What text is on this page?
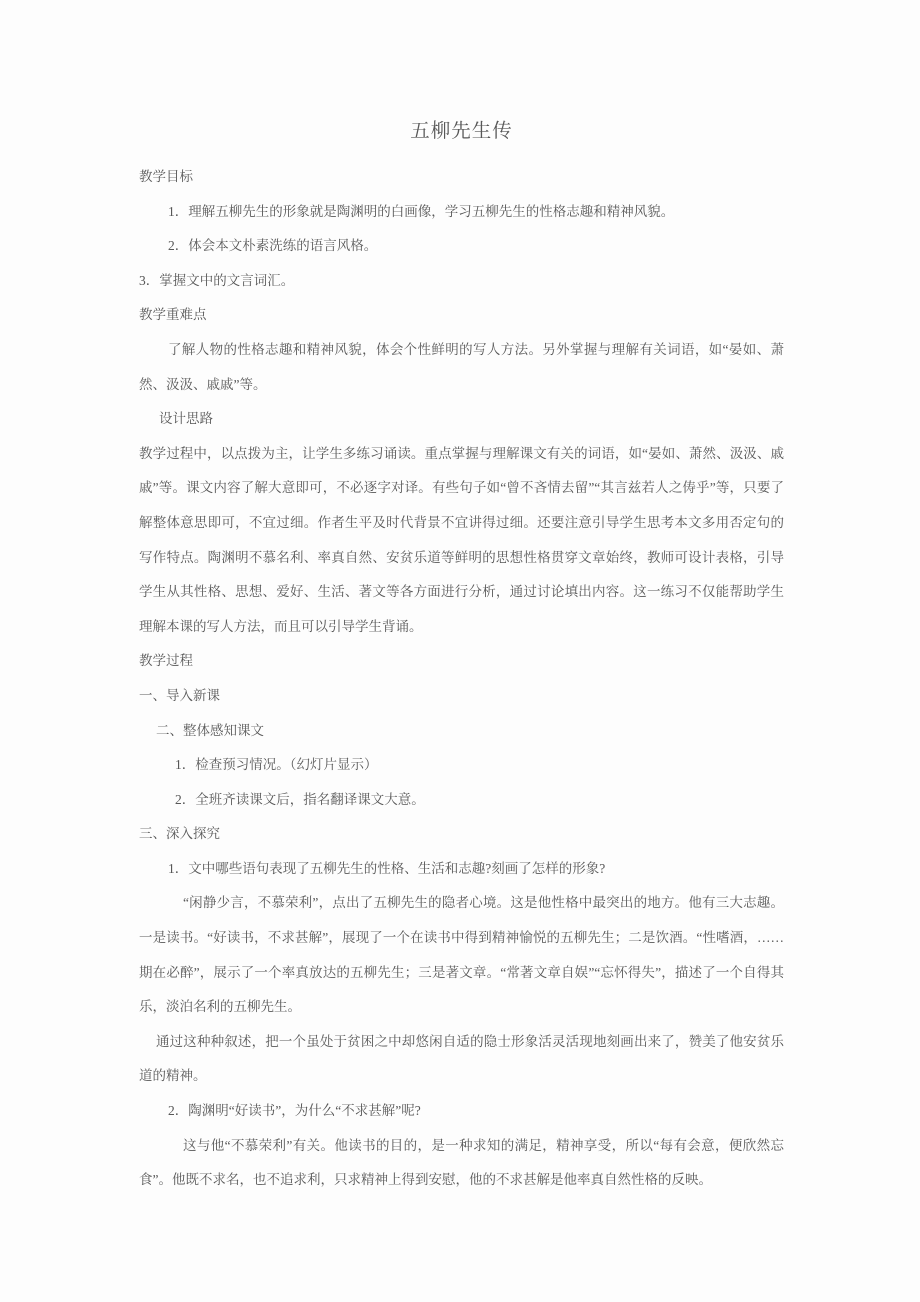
五柳先生传

教学目标

1．理解五柳先生的形象就是陶渊明的白画像，学习五柳先生的性格志趣和精神风貌。

2．体会本文朴素洗练的语言风格。

3．掌握文中的文言词汇。

教学重难点

了解人物的性格志趣和精神风貌，体会个性鲜明的写人方法。另外掌握与理解有关词语，如“晏如、萧然、汲汲、戚戚”等。

设计思路

教学过程中，以点拨为主，让学生多练习诵读。重点掌握与理解课文有关的词语，如“晏如、萧然、汲汲、戚戚”等。课文内容了解大意即可，不必逐字对译。有些句子如“曾不吝情去留”“其言兹若人之俦乎”等，只要了解整体意思即可，不宜过细。作者生平及时代背景不宜讲得过细。还要注意引导学生思考本文多用否定句的写作特点。陶渊明不慕名利、率真自然、安贫乐道等鲜明的思想性格贯穿文章始终，教师可设计表格，引导学生从其性格、思想、爱好、生活、著文等各方面进行分析，通过讨论填出内容。这一练习不仅能帮助学生理解本课的写人方法，而且可以引导学生背诵。

教学过程

一、导入新课

二、整体感知课文

1．检查预习情况。（幻灯片显示）

2．全班齐读课文后，指名翻译课文大意。

三、深入探究

1．文中哪些语句表现了五柳先生的性格、生活和志趣?刻画了怎样的形象?

“闲静少言，不慕荣利”，点出了五柳先生的隐者心境。这是他性格中最突出的地方。他有三大志趣。一是读书。“好读书，不求甚解”，展现了一个在读书中得到精神愉悦的五柳先生；二是饮酒。“性嗜酒，……期在必醉”，展示了一个率真放达的五柳先生；三是著文章。“常著文章自娱”“忘怀得失”，描述了一个自得其乐，淡泊名利的五柳先生。

通过这种种叙述，把一个虽处于贫困之中却悠闲自适的隐士形象活灵活现地刻画出来了，赞美了他安贫乐道的精神。

2．陶渊明“好读书”，为什么“不求甚解”呢?

这与他“不慕荣利”有关。他读书的目的，是一种求知的满足，精神享受，所以“每有会意，便欣然忘食”。他既不求名，也不追求利，只求精神上得到安慰，他的不求甚解是他率真自然性格的反映。
